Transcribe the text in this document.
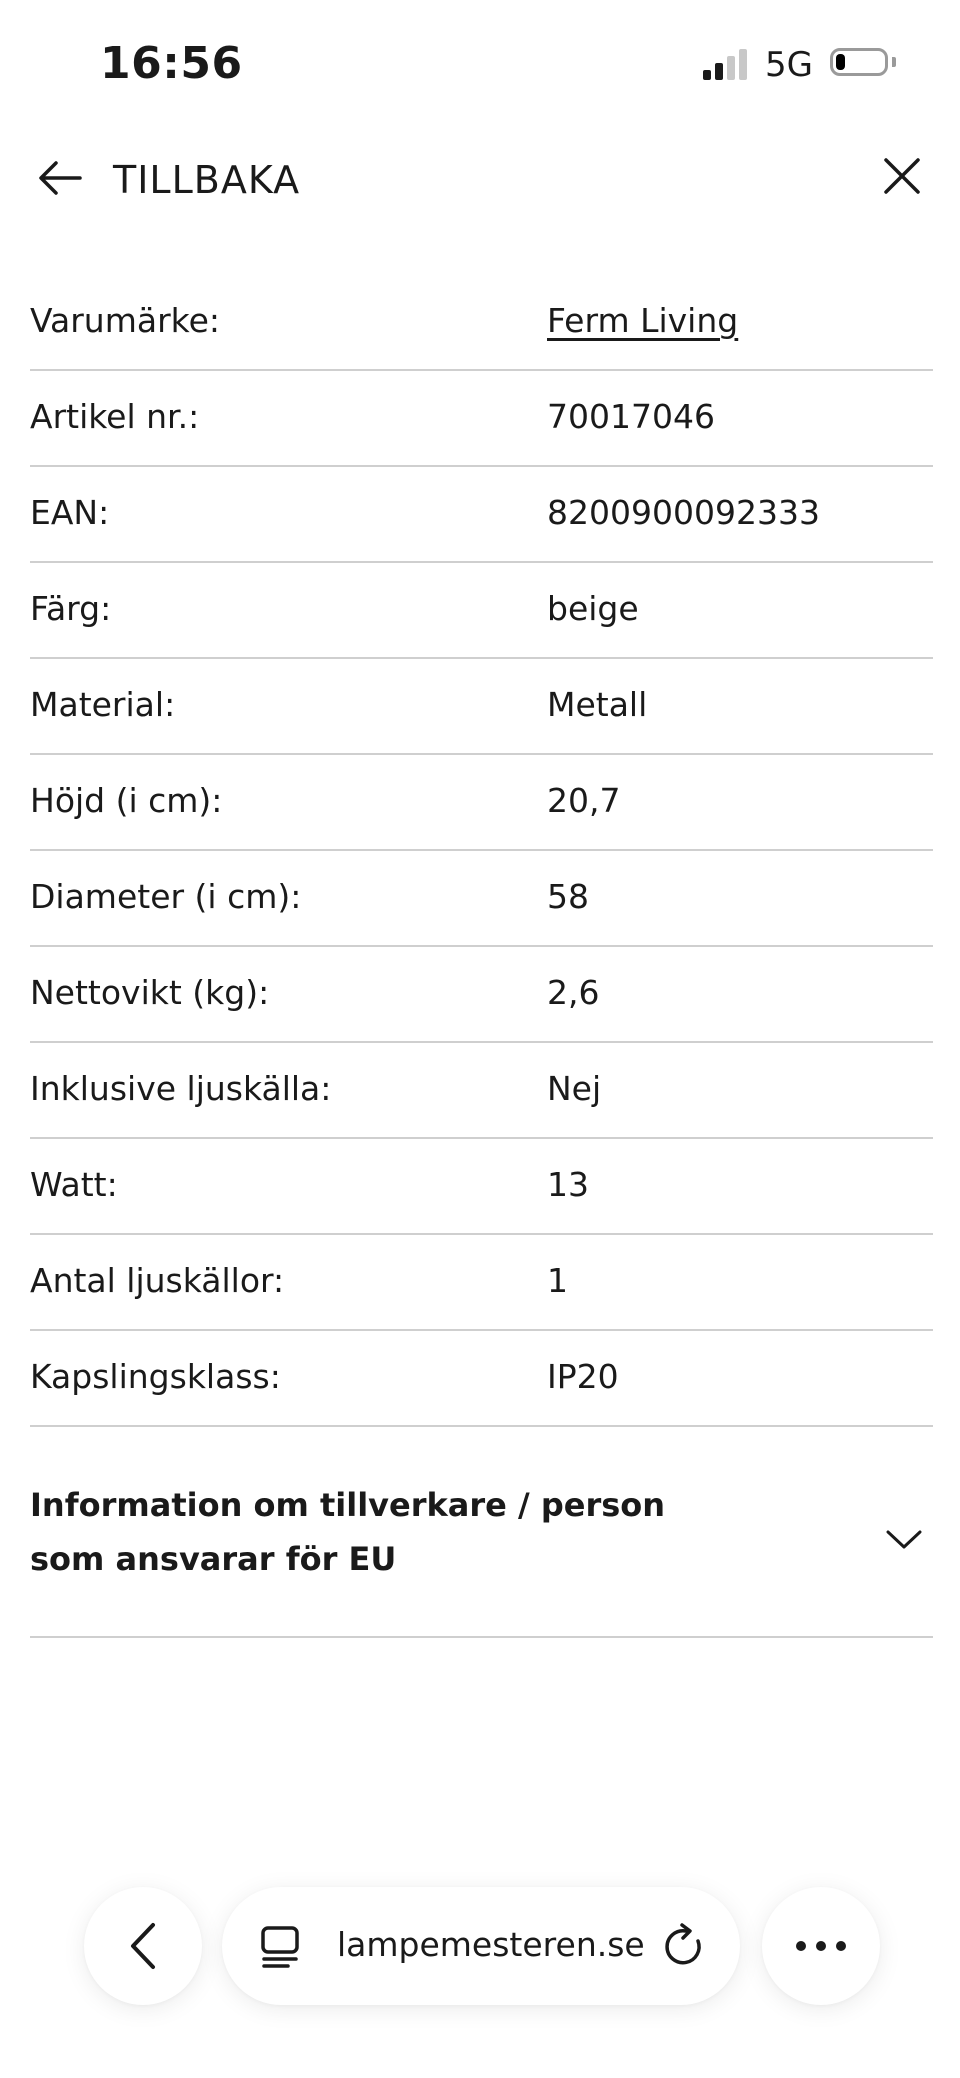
16:56	5G
TILLBAKA
Varumärke:	Ferm Living
Artikel nr.:	70017046
EAN:	8200900092333
Färg:	beige
Material:	Metall
Höjd (i cm):	20,7
Diameter (i cm):	58
Nettovikt (kg):	2,6
Inklusive ljuskälla:	Nej
Watt:	13
Antal ljuskällor:	1
Kapslingsklass:	IP20
Information om tillverkare / person som ansvarar för EU
lampemesteren.se
